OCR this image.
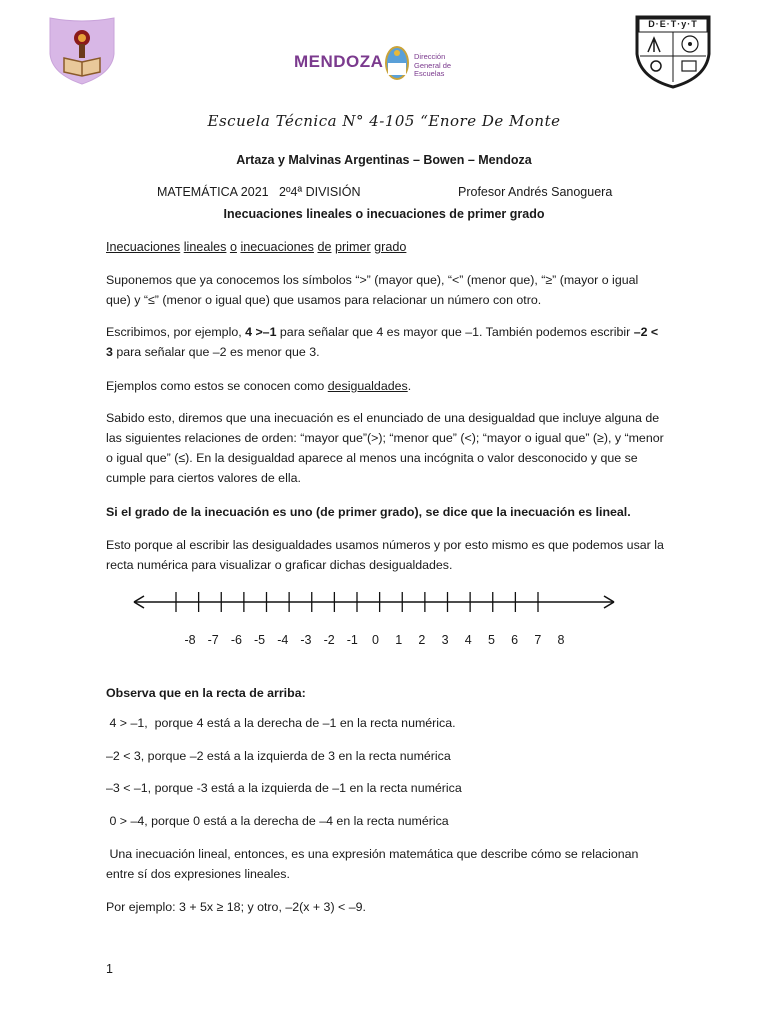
MENDOZA	Dirección
General de
Escuelas
D·E·T·y·T
Escuela Técnica N° 4-105 “Enore De Monte
Artaza y Malvinas Argentinas – Bowen – Mendoza
MATEMÁTICA 2021   2º4ª DIVISIÓN	Profesor Andrés Sanoguera
Inecuaciones lineales o inecuaciones de primer grado
Inecuaciones lineales o inecuaciones de primer grado
Suponemos que ya conocemos los símbolos “>” (mayor que), “<” (menor que), “≥” (mayor o igual que) y “≤” (menor o igual que) que usamos para relacionar un número con otro.
Escribimos, por ejemplo, 4 >–1 para señalar que 4 es mayor que –1. También podemos escribir –2 < 3 para señalar que –2 es menor que 3.
Ejemplos como estos se conocen como desigualdades.
Sabido esto, diremos que una inecuación es el enunciado de una desigualdad que incluye alguna de las siguientes relaciones de orden: “mayor que”(>); “menor que” (<); “mayor o igual que” (≥), y “menor o igual que” (≤). En la desigualdad aparece al menos una incógnita o valor desconocido y que se cumple para ciertos valores de ella.
Si el grado de la inecuación es uno (de primer grado), se dice que la inecuación es lineal.
Esto porque al escribir las desigualdades usamos números y por esto mismo es que podemos usar la recta numérica para visualizar o graficar dichas desigualdades.
-8 -7 -6 -5 -4 -3 -2 -1 0 1 2 3 4 5 6 7 8
Observa que en la recta de arriba:
4 > –1,  porque 4 está a la derecha de –1 en la recta numérica.
–2 < 3, porque –2 está a la izquierda de 3 en la recta numérica
–3 < –1, porque -3 está a la izquierda de –1 en la recta numérica
0 > –4, porque 0 está a la derecha de –4 en la recta numérica
Una inecuación lineal, entonces, es una expresión matemática que describe cómo se relacionan entre sí dos expresiones lineales.
Por ejemplo: 3 + 5x ≥ 18; y otro, –2(x + 3) < –9.
1
